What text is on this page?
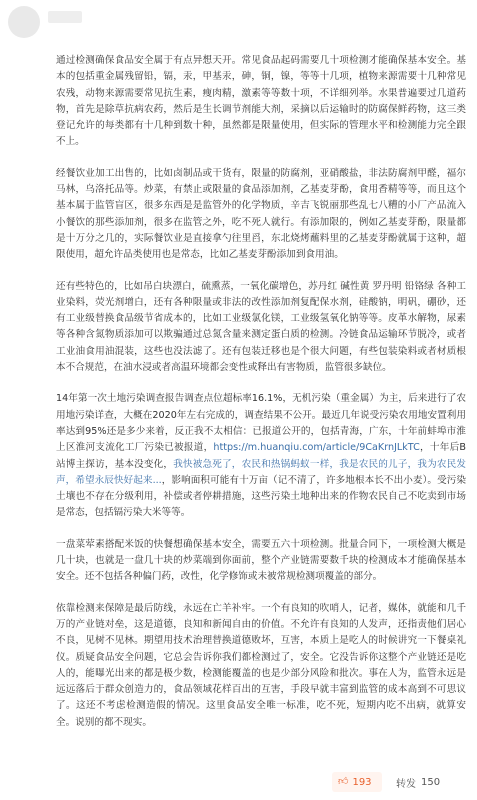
通过检测确保食品安全属于有点异想天开。常见食品起码需要几十项检测才能确保基本安全。基本的包括重金属残留铅，镉，汞，甲基汞，砷，铜，镍，等等十几项，植物来源需要十几种常见农残，动物来源需要常见抗生素，瘦肉精，激素等等数十项，不详细列举。水果普遍要过几道药物，首先是除草抗病农药，然后是生长调节剂能大剂，采摘以后运输时的防腐保鲜药物，这三类登记允许的每类都有十几种到数十种，虽然都是限量使用，但实际的管理水平和检测能力完全跟不上。

经餐饮业加工出售的，比如卤制品或干货有，限量的防腐剂，亚硝酸盐，非法防腐剂甲醛，福尔马林，乌洛托品等。炒菜，有禁止或限量的食品添加剂，乙基麦芽酚，食用香精等等，而且这个基本属于监管盲区，很多东西是是监管外的化学物质，辛吉飞锐丽那些乱七八糟的小厂产品流入小餐饮的那些添加剂，很多在监管之外，吃不死人就行。有添加限的，例如乙基麦芽酚，限量都是十万分之几的，实际餐饮业是直接拿勺往里舀，东北烧烤蘸料里的乙基麦芽酚就属于这种，超限使用，超允许品类使用也是常态，比如乙基麦芽酚添加到食用油。

还有些特色的，比如吊白块漂白，硫熏蒸，一氧化碳增色，苏丹红 碱性黄 罗丹明 铅铬绿 各种工业染料，荧光剂增白，还有各种限量或非法的改性添加剂复配保水剂，硅酸钠，明矾，硼砂，还有工业级替换食品级节省成本的，比如工业级氯化镁，工业级氢氧化钠等等。皮革水解物，尿素等各种含氮物质添加可以欺骗通过总氮含量来测定蛋白质的检测。冷链食品运输环节脱冷，或者工业油食用油混装，这些也没法滤了。还有包装迁移也是个很大问题，有些包装染料或者材质根本不合规范，在油水浸或者高温环境都会变性或释出有害物质，监管很多缺位。

14年第一次土地污染调查报告调查点位超标率16.1%，无机污染（重金属）为主，后来进行了农用地污染详查，大概在2020年左右完成的，调查结果不公开。最近几年说受污染农用地安置利用率达到95%还是多少来着，反正我不太相信：已报道公开的，包括青海，广东，十年前蚌埠市淮上区淮河支流化工厂污染已被报道，https://m.huanqiu.com/article/9CaKrnJLkTC，十年后B站博主探访，基本没变化，我快被急死了，农民和热锅蚂蚁一样，我是农民的儿子，我为农民发声，希望永辰快好起来...，影响面积可能有十万亩（记不清了，许多地根本长不出小麦）。受污染土壤也不存在分级利用，补偿或者停耕措施，这些污染土地种出来的作物农民自己不吃卖到市场是常态，包括镉污染大米等等。

一盘菜荤素搭配米饭的快餐想确保基本安全，需要五六十项检测。批量合同下，一项检测大概是几十块，也就是一盘几十块的炒菜端到你面前，整个产业链需要数千块的检测成本才能确保基本安全。还不包括各种偏门药，改性，化学修饰或未被常规检测项覆盖的部分。

依靠检测来保障是最后防线，永远在亡羊补牢。一个有良知的吹哨人，记者，媒体，就能和几千万的产业链对垒，这是道德，良知和新闻自由的价值。不允许有良知的人发声，还指责他们居心不良，见树不见林。期望用技术治理替换道德败坏，互害，本质上是吃人的时候讲究一下餐桌礼仪。质疑食品安全问题，它总会告诉你我们都检测过了，安全。它没告诉你这整个产业链还是吃人的，能曝光出来的都是极少数，检测能覆盖的也是少部分风险和批次。事在人为，监管永远是远远落后于群众创造力的，食品领域花样百出的互害，手段早就丰富到监管的成本高到不可思议了。这还不考虑检测造假的情况。这里食品安全唯一标准，吃不死，短期内吃不出病，就算安全。说别的都不现实。

👍︎ 193 转发 150
